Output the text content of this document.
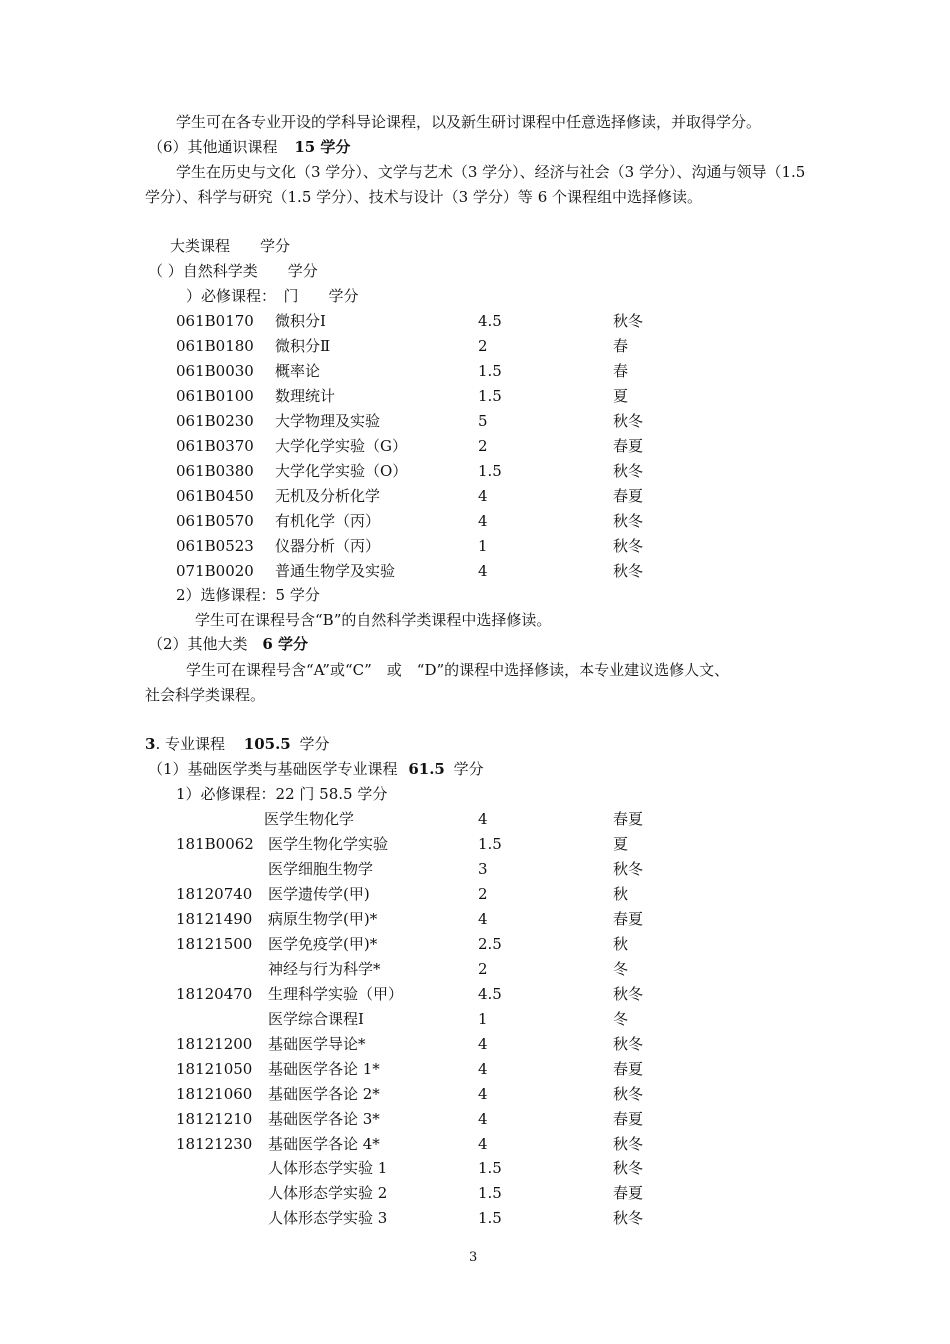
学生可在各专业开设的学科导论课程，以及新生研讨课程中任意选择修读，并取得学分。
（6）其他通识课程 15 学分
学生在历史与文化（3 学分）、文学与艺术（3 学分）、经济与社会（3 学分）、沟通与领导（1.5
学分）、科学与研究（1.5 学分）、技术与设计（3 学分）等 6 个课程组中选择修读。
大类课程　　学分
（ ）自然科学类　　学分
）必修课程：　门　　学分
061B0170 微积分Ⅰ	4.5	秋冬
061B0180 微积分Ⅱ	2	春
061B0030 概率论	1.5	春
061B0100 数理统计	1.5	夏
061B0230 大学物理及实验	5	秋冬
061B0370 大学化学实验（G）	2	春夏
061B0380 大学化学实验（O）	1.5	秋冬
061B0450 无机及分析化学	4	春夏
061B0570 有机化学（丙）	4	秋冬
061B0523 仪器分析（丙）	1	秋冬
071B0020 普通生物学及实验	4	秋冬
2）选修课程：5 学分
学生可在课程号含“B”的自然科学类课程中选择修读。
（2）其他大类 6 学分
学生可在课程号含“A”或“C”　或　“D”的课程中选择修读，本专业建议选修人文、
社会科学类课程。
3. 专业课程 105.5 学分
（1）基础医学类与基础医学专业课程 61.5 学分
1）必修课程：22 门 58.5 学分
医学生物化学	4	春夏
181B0062 医学生物化学实验	1.5	夏
医学细胞生物学	3	秋冬
18120740 医学遗传学(甲)	2	秋
18121490 病原生物学(甲)*	4	春夏
18121500 医学免疫学(甲)*	2.5	秋
神经与行为科学*	2	冬
18120470 生理科学实验（甲）	4.5	秋冬
医学综合课程Ⅰ	1	冬
18121200 基础医学导论*	4	秋冬
18121050 基础医学各论 1*	4	春夏
18121060 基础医学各论 2*	4	秋冬
18121210 基础医学各论 3*	4	春夏
18121230 基础医学各论 4*	4	秋冬
人体形态学实验 1	1.5	秋冬
人体形态学实验 2	1.5	春夏
人体形态学实验 3	1.5	秋冬
3
